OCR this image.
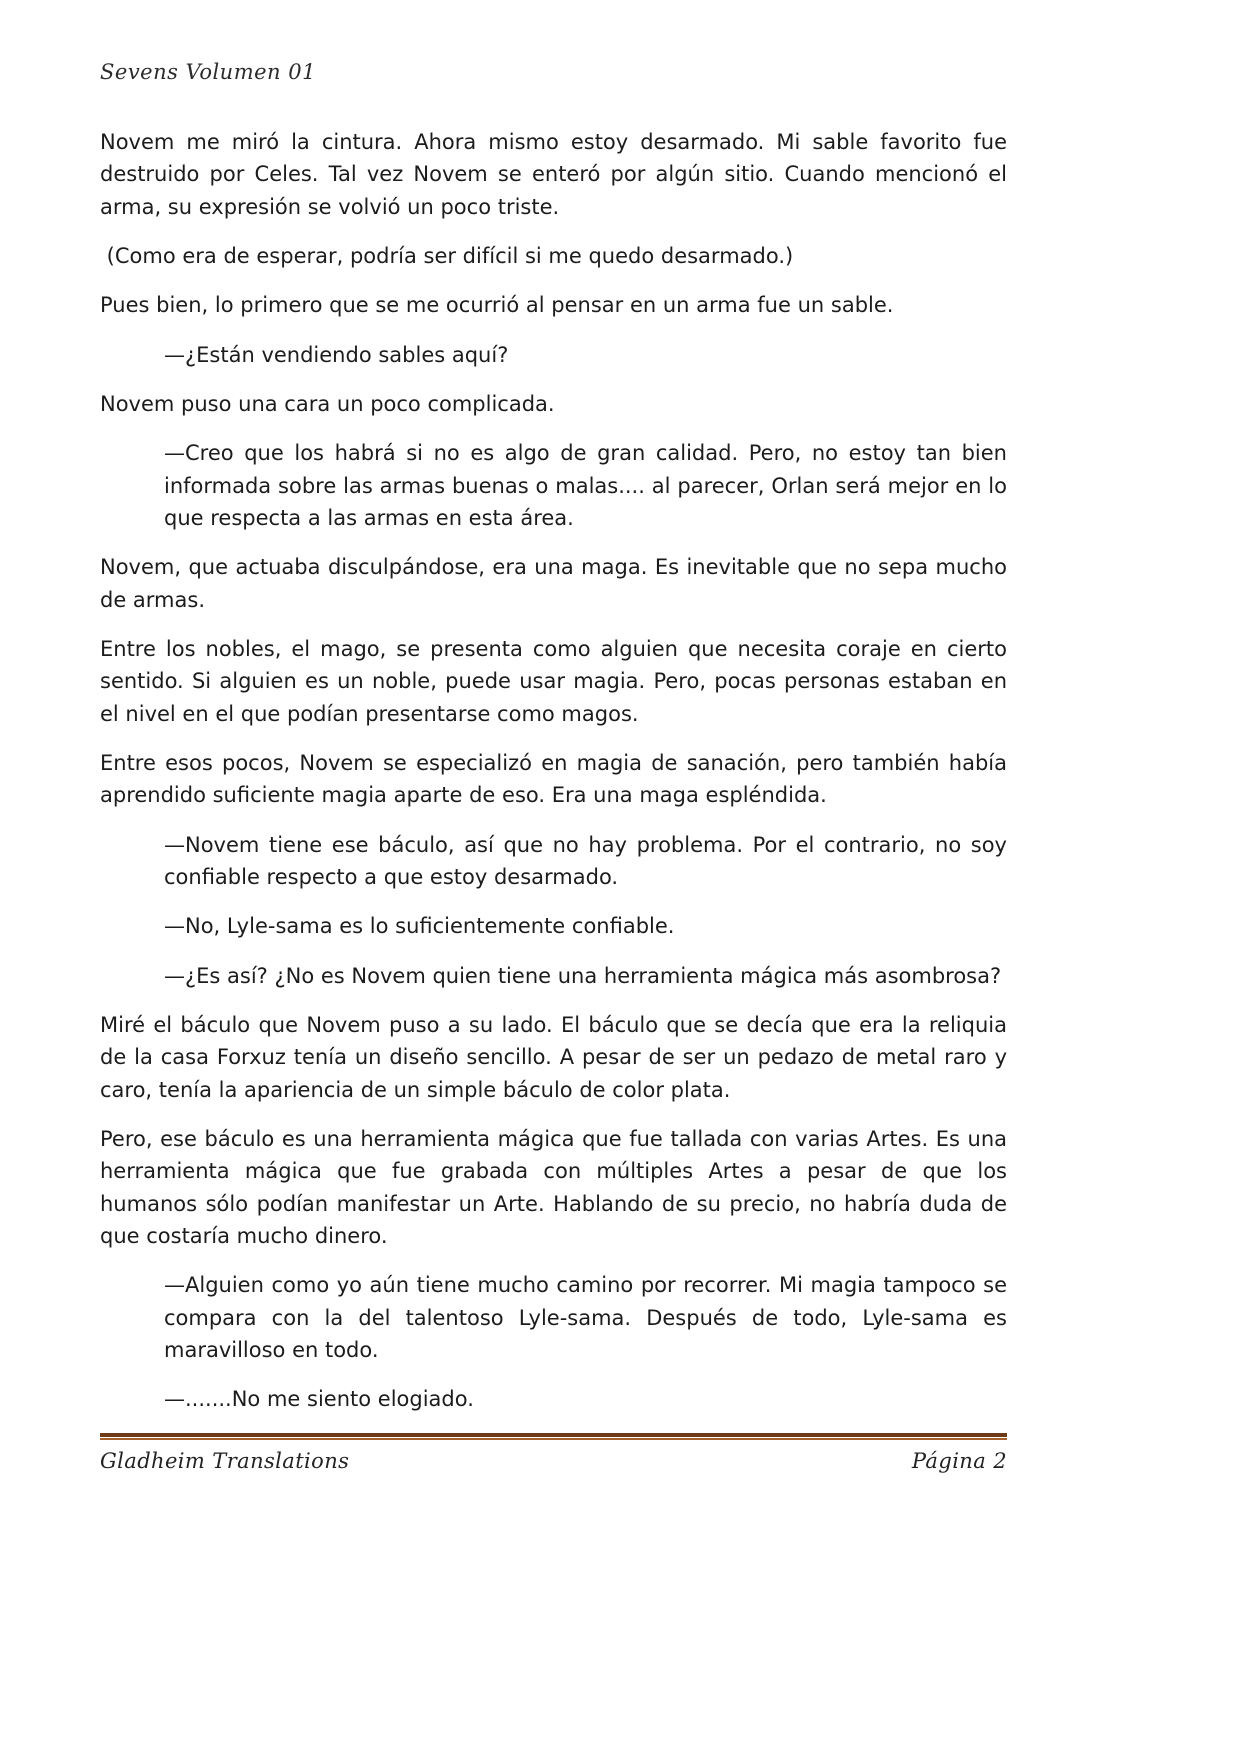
Sevens Volumen 01

Novem me miró la cintura. Ahora mismo estoy desarmado. Mi sable favorito fue destruido por Celes. Tal vez Novem se enteró por algún sitio. Cuando mencionó el arma, su expresión se volvió un poco triste.

(Como era de esperar, podría ser difícil si me quedo desarmado.)

Pues bien, lo primero que se me ocurrió al pensar en un arma fue un sable.

—¿Están vendiendo sables aquí?

Novem puso una cara un poco complicada.

—Creo que los habrá si no es algo de gran calidad. Pero, no estoy tan bien informada sobre las armas buenas o malas.... al parecer, Orlan será mejor en lo que respecta a las armas en esta área.

Novem, que actuaba disculpándose, era una maga. Es inevitable que no sepa mucho de armas.

Entre los nobles, el mago, se presenta como alguien que necesita coraje en cierto sentido. Si alguien es un noble, puede usar magia. Pero, pocas personas estaban en el nivel en el que podían presentarse como magos.

Entre esos pocos, Novem se especializó en magia de sanación, pero también había aprendido suficiente magia aparte de eso. Era una maga espléndida.

—Novem tiene ese báculo, así que no hay problema. Por el contrario, no soy confiable respecto a que estoy desarmado.

—No, Lyle-sama es lo suficientemente confiable.

—¿Es así? ¿No es Novem quien tiene una herramienta mágica más asombrosa?

Miré el báculo que Novem puso a su lado. El báculo que se decía que era la reliquia de la casa Forxuz tenía un diseño sencillo. A pesar de ser un pedazo de metal raro y caro, tenía la apariencia de un simple báculo de color plata.

Pero, ese báculo es una herramienta mágica que fue tallada con varias Artes. Es una herramienta mágica que fue grabada con múltiples Artes a pesar de que los humanos sólo podían manifestar un Arte. Hablando de su precio, no habría duda de que costaría mucho dinero.

—Alguien como yo aún tiene mucho camino por recorrer. Mi magia tampoco se compara con la del talentoso Lyle-sama. Después de todo, Lyle-sama es maravilloso en todo.

—.......No me siento elogiado.

Gladheim Translations	Página 2
